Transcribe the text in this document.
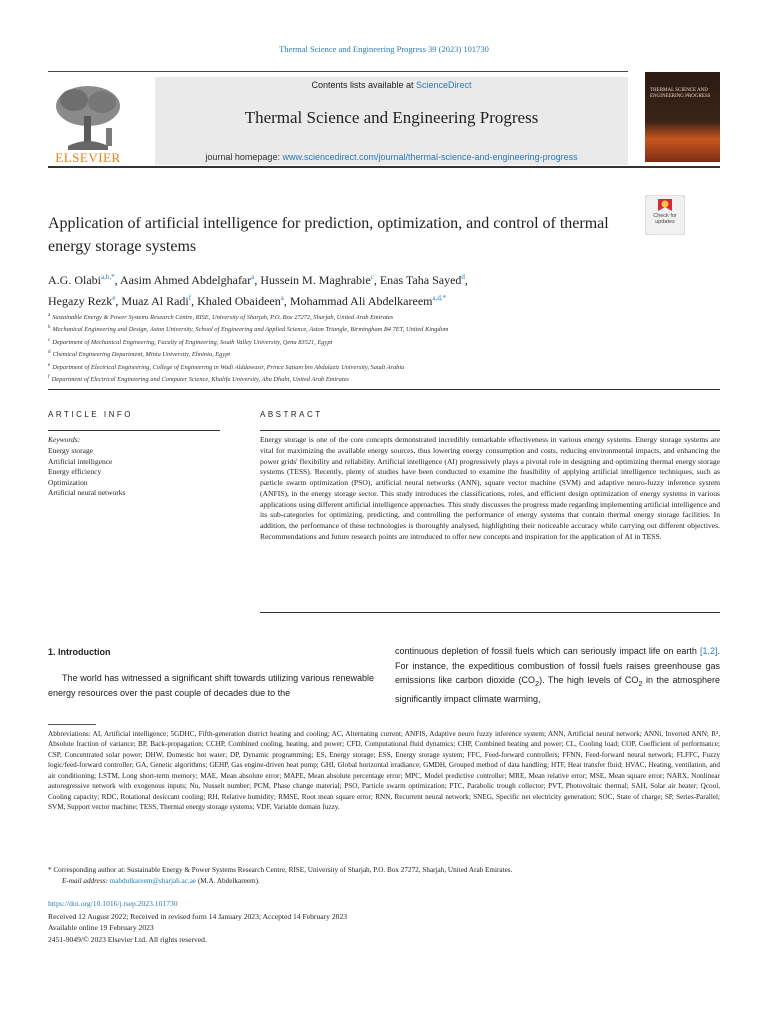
Thermal Science and Engineering Progress 39 (2023) 101730
Contents lists available at ScienceDirect
Thermal Science and Engineering Progress
journal homepage: www.sciencedirect.com/journal/thermal-science-and-engineering-progress
ELSEVIER
THERMAL SCIENCE AND ENGINEERING PROGRESS
Check for updates
Application of artificial intelligence for prediction, optimization, and control of thermal energy storage systems
A.G. Olabi$^{a,b,*}$, Aasim Ahmed Abdelghafar$^a$, Hussein M. Maghrabie$^c$, Enas Taha Sayed$^d$,
Hegazy Rezk$^e$, Muaz Al Radi$^f$, Khaled Obaideen$^a$, Mohammad Ali Abdelkareem$^{a,d,*}$
$^a$ Sustainable Energy & Power Systems Research Centre, RISE, University of Sharjah, P.O. Box 27272, Sharjah, United Arab Emirates
$^b$ Mechanical Engineering and Design, Aston University, School of Engineering and Applied Science, Aston Triangle, Birmingham B4 7ET, United Kingdom
$^c$ Department of Mechanical Engineering, Faculty of Engineering, South Valley University, Qena 83521, Egypt
$^d$ Chemical Engineering Department, Minia University, Elminia, Egypt
$^e$ Department of Electrical Engineering, College of Engineering in Wadi Alddawasir, Prince Sattam bin Abdulaziz University, Saudi Arabia
$^f$ Department of Electrical Engineering and Computer Science, Khalifa University, Abu Dhabi, United Arab Emirates
ARTICLE INFO	ABSTRACT
Keywords:
Energy storage
Artificial intelligence
Energy efficiency
Optimization
Artificial neural networks
Energy storage is one of the core concepts demonstrated incredibly remarkable effectiveness in various energy systems. Energy storage systems are vital for maximizing the available energy sources, thus lowering energy consumption and costs, reducing environmental impacts, and enhancing the power grids' flexibility and reliability. Artificial intelligence (AI) progressively plays a pivotal role in designing and optimizing thermal energy storage systems (TESS). Recently, plenty of studies have been conducted to examine the feasibility of applying artificial intelligence techniques, such as particle swarm optimization (PSO), artificial neural networks (ANN), square vector machine (SVM) and adaptive neuro-fuzzy inference system (ANFIS), in the energy storage sector. This study introduces the classifications, roles, and efficient design optimization of energy systems in various applications using different artificial intelligence approaches. This study discusses the progress made regarding implementing artificial intelligence and its sub-categories for optimizing, predicting, and controlling the performance of energy systems that contain thermal energy storage facilities. In addition, the performance of these technologies is thoroughly analysed, highlighting their noticeable accuracy while carrying out different objectives. Recommendations and future research points are introduced to offer new concepts and inspiration for the application of AI in TESS.
1. Introduction
The world has witnessed a significant shift towards utilizing various renewable energy resources over the past couple of decades due to the
continuous depletion of fossil fuels which can seriously impact life on earth [1,2]. For instance, the expeditious combustion of fossil fuels raises greenhouse gas emissions like carbon dioxide $(CO_2)$. The high levels of $CO_2$ in the atmosphere significantly impact climate warming,
Abbreviations: AI, Artificial intelligence; 5GDHC, Fifth-generation district heating and cooling; AC, Alternating current; ANFIS, Adaptive neuro fuzzy inference system; ANN, Artificial neural network; ANNi, Inverted ANN; R², Absolute fraction of variance; BP, Back-propagation; CCHP, Combined cooling, heating, and power; CFD, Computational fluid dynamics; CHP, Combined heating and power; CL, Cooling load; COP, Coefficient of performance; CSP, Concentrated solar power; DHW, Domestic hot water; DP, Dynamic programming; ES, Energy storage; ESS, Energy storage system; FFC, Feed-forward controllers; FFNN, Feed-forward neural network; FLFFC, Fuzzy logic/feed-forward controller; GA, Genetic algorithms; GEHP, Gas engine-driven heat pump; GHI, Global horizontal irradiance; GMDH, Grouped method of data handling; HTF, Heat transfer fluid; HVAC, Heating, ventilation, and air conditioning; LSTM, Long short-term memory; MAE, Mean absolute error; MAPE, Mean absolute percentage error; MPC, Model predictive controller; MRE, Mean relative error; MSE, Mean square error; NARX, Nonlinear autoregressive network with exogenous inputs; Nu, Nusselt number; PCM, Phase change material; PSO, Particle swarm optimization; PTC, Parabolic trough collector; PVT, Photovoltaic thermal; SAH, Solar air heater; Qcool, Cooling capacity; RDC, Rotational desiccant cooling; RH, Relative humidity; RMSE, Root mean square error; RNN, Recurrent neural network; SNEG, Specific net electricity generation; SOC, State of charge; SP, Series-Parallel; SVM, Support vector machine; TESS, Thermal energy storage systems; VDF, Variable domain fuzzy.
* Corresponding author at: Sustainable Energy & Power Systems Research Centre, RISE, University of Sharjah, P.O. Box 27272, Sharjah, United Arab Emirates.
E-mail address: mabdulkareem@sharjah.ac.ae (M.A. Abdelkareem).
https://doi.org/10.1016/j.tsep.2023.101730
Received 12 August 2022; Received in revised form 14 January 2023; Accepted 14 February 2023
Available online 19 February 2023
2451-9049/© 2023 Elsevier Ltd. All rights reserved.
